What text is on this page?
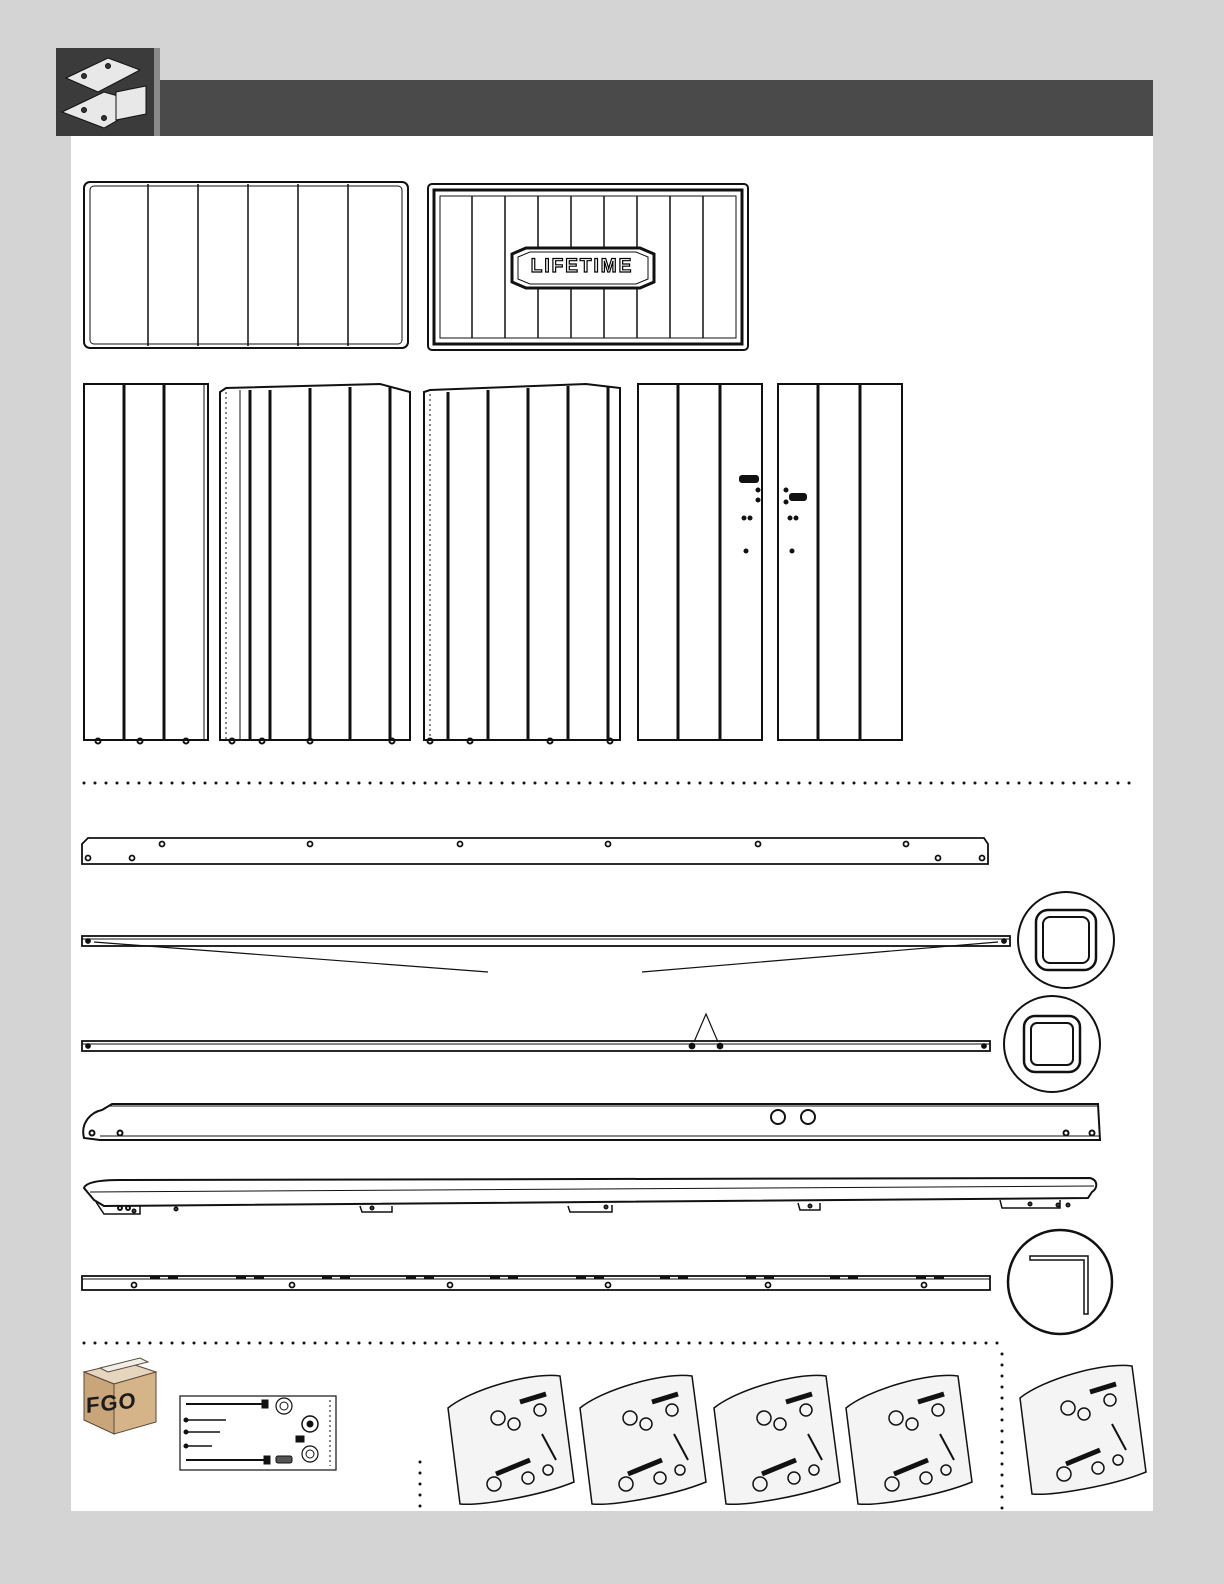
LIFETIME
FGO
